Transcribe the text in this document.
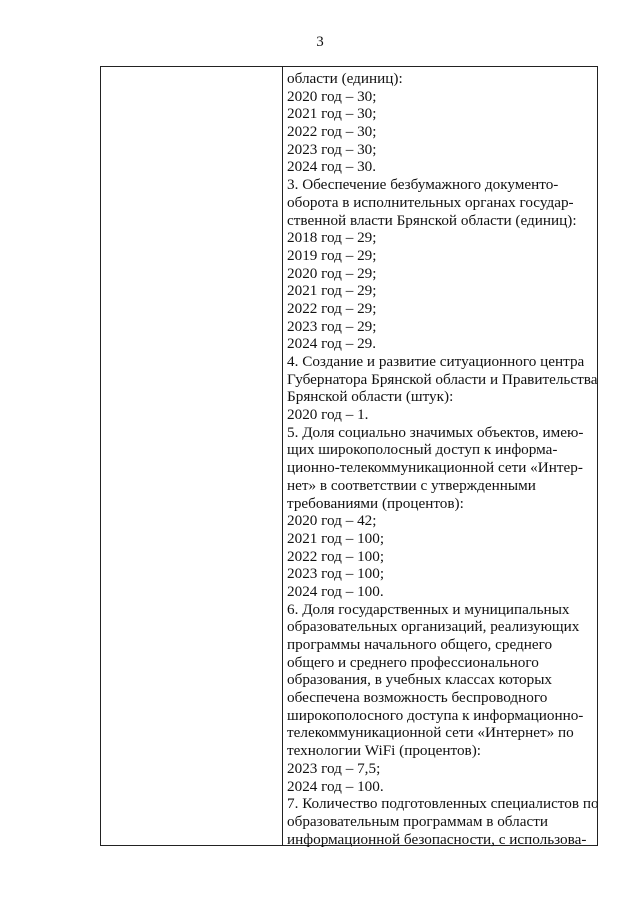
3
области (единиц):
2020 год – 30;
2021 год – 30;
2022 год – 30;
2023 год – 30;
2024 год – 30.
3. Обеспечение безбумажного документо-
оборота в исполнительных органах государ-
ственной власти Брянской области (единиц):
2018 год – 29;
2019 год – 29;
2020 год – 29;
2021 год – 29;
2022 год – 29;
2023 год – 29;
2024 год – 29.
4. Создание и развитие ситуационного центра
Губернатора Брянской области и Правительства
Брянской области (штук):
2020 год – 1.
5. Доля социально значимых объектов, имею-
щих широкополосный доступ к информа-
ционно-телекоммуникационной сети «Интер-
нет» в соответствии с утвержденными
требованиями (процентов):
2020 год – 42;
2021 год – 100;
2022 год – 100;
2023 год – 100;
2024 год – 100.
6. Доля государственных и муниципальных
образовательных организаций, реализующих
программы начального общего, среднего
общего и среднего профессионального
образования, в учебных классах которых
обеспечена возможность беспроводного
широкополосного доступа к информационно-
телекоммуникационной сети «Интернет» по
технологии WiFi (процентов):
2023 год – 7,5;
2024 год – 100.
7. Количество подготовленных специалистов по
образовательным программам в области
информационной безопасности, с использова-
